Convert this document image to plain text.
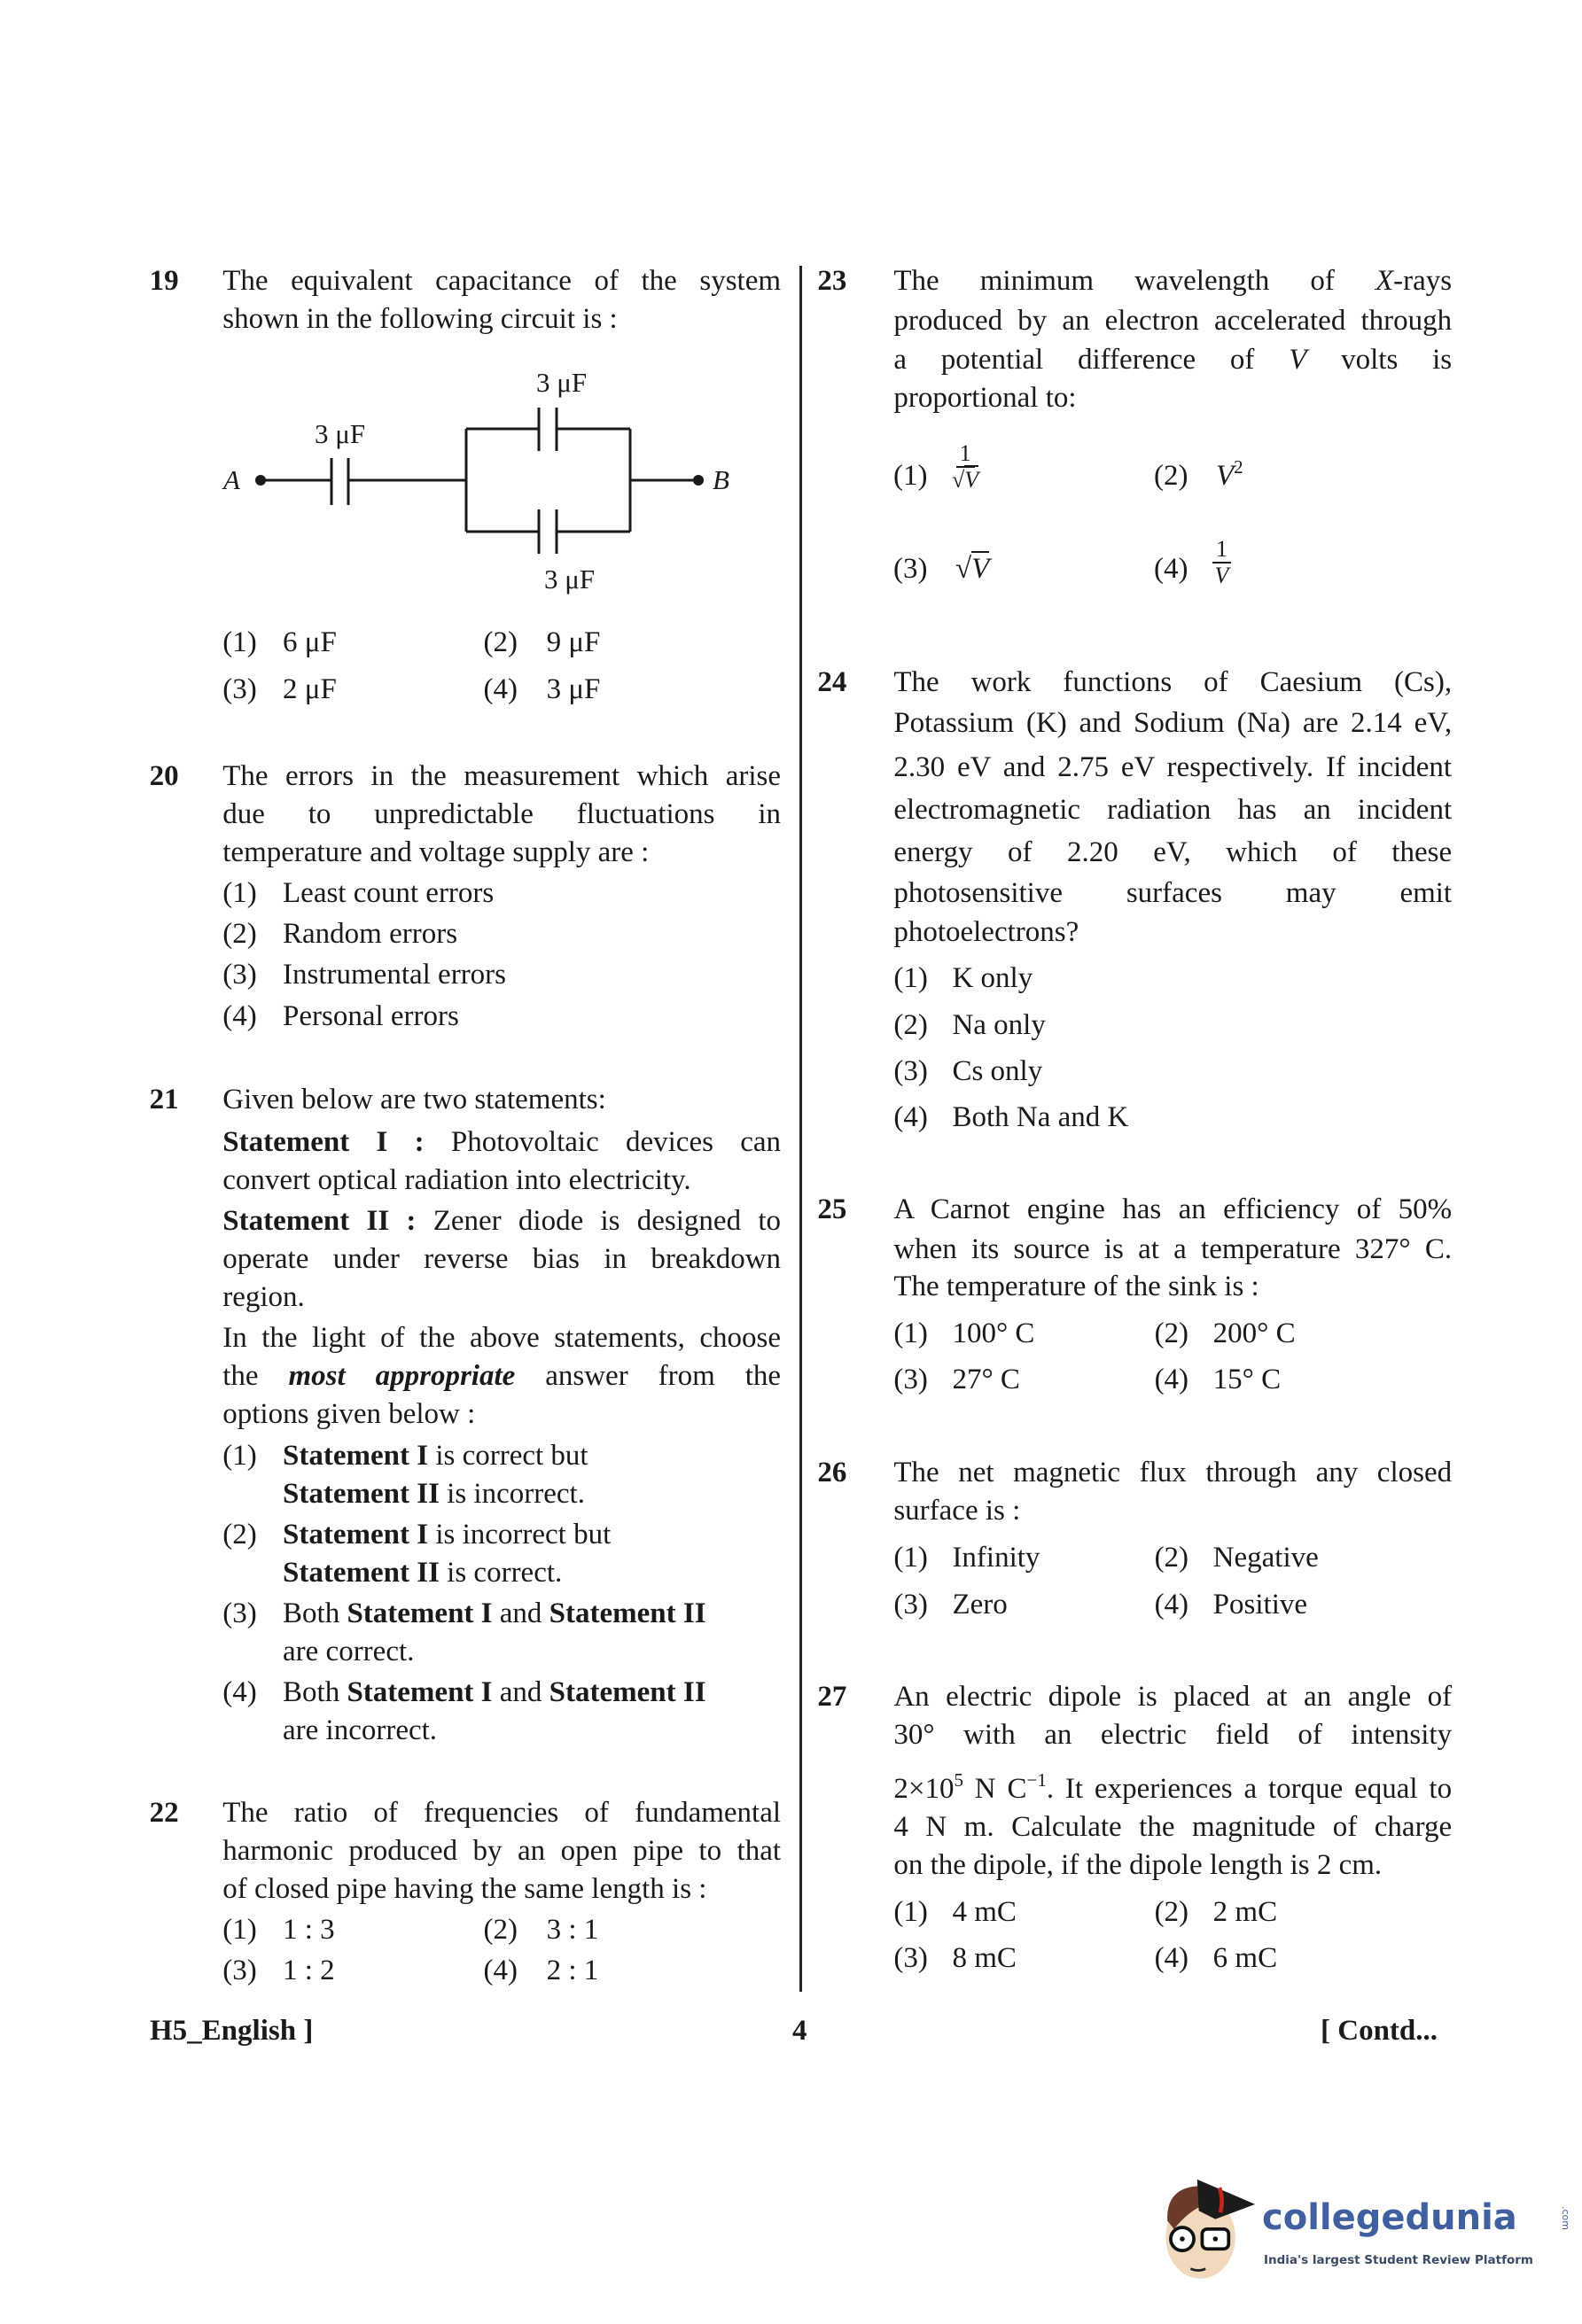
19 The equivalent capacitance of the system
shown in the following circuit is :
(1) 6 μF	(2) 9 μF
(3) 2 μF	(4) 3 μF
20 The errors in the measurement which arise
due to unpredictable fluctuations in
temperature and voltage supply are :
(1) Least count errors
(2) Random errors
(3) Instrumental errors
(4) Personal errors
21 Given below are two statements:
Statement I : Photovoltaic devices can
convert optical radiation into electricity.
Statement II : Zener diode is designed to
operate under reverse bias in breakdown
region.
In the light of the above statements, choose
the most appropriate answer from the
options given below :
(1) Statement I is correct but
Statement II is incorrect.
(2) Statement I is incorrect but
Statement II is correct.
(3) Both Statement I and Statement II
are correct.
(4) Both Statement I and Statement II
are incorrect.
22 The ratio of frequencies of fundamental
harmonic produced by an open pipe to that
of closed pipe having the same length is :
(1) 1 : 3	(2) 3 : 1
(3) 1 : 2	(4) 2 : 1
23 The minimum wavelength of X-rays
produced by an electron accelerated through
a potential difference of V volts is
proportional to:
24 The work functions of Caesium (Cs),
Potassium (K) and Sodium (Na) are 2.14 eV,
2.30 eV and 2.75 eV respectively. If incident
electromagnetic radiation has an incident
energy of 2.20 eV, which of these
photosensitive surfaces may emit
photoelectrons?
(1) K only
(2) Na only
(3) Cs only
(4) Both Na and K
25 A Carnot engine has an efficiency of 50%
when its source is at a temperature 327° C.
The temperature of the sink is :
(1) 100° C	(2) 200° C
(3) 27° C	(4) 15° C
26 The net magnetic flux through any closed
surface is :
(1) Infinity	(2) Negative
(3) Zero	(4) Positive
27 An electric dipole is placed at an angle of
30° with an electric field of intensity
$2\times 10^5$ N $C^{-1}$. It experiences a torque equal to
4 N m. Calculate the magnitude of charge
on the dipole, if the dipole length is 2 cm.
(1) 4 mC	(2) 2 mC
(3) 8 mC	(4) 6 mC
A	B
3 μF
3 μF
3 μF
$(1) \frac{1}{√V}$	(2) $V^2$
(3) √V	$(4) \frac{1}{V}$
H5_English ]	4	[ Contd...
collegedunia	.com
India's largest Student Review Platform
